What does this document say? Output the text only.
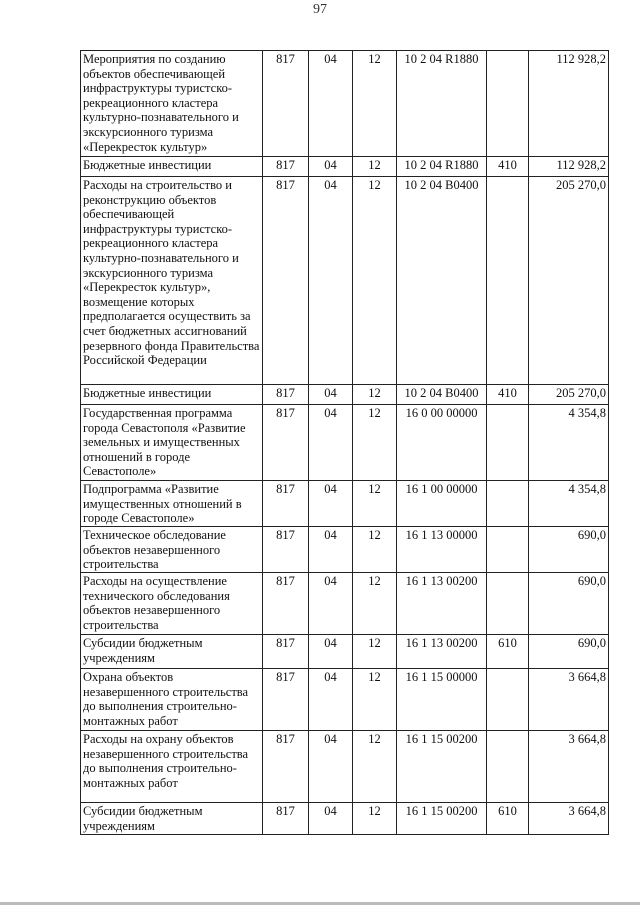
97
Мероприятия по созданию объектов обеспечивающей инфраструктуры туристско-рекреационного кластера культурно-познавательного и экскурсионного туризма «Перекресток культур»	817	04	12	10 2 04 R1880		112 928,2
Бюджетные инвестиции	817	04	12	10 2 04 R1880	410	112 928,2
Расходы на строительство и реконструкцию объектов обеспечивающей инфраструктуры туристско-рекреационного кластера культурно-познавательного и экскурсионного туризма «Перекресток культур», возмещение которых предполагается осуществить за счет бюджетных ассигнований резервного фонда Правительства Российской Федерации	817	04	12	10 2 04 B0400		205 270,0
Бюджетные инвестиции	817	04	12	10 2 04 B0400	410	205 270,0
Государственная программа города Севастополя «Развитие земельных и имущественных отношений в городе Севастополе»	817	04	12	16 0 00 00000		4 354,8
Подпрограмма «Развитие имущественных отношений в городе Севастополе»	817	04	12	16 1 00 00000		4 354,8
Техническое обследование объектов незавершенного строительства	817	04	12	16 1 13 00000		690,0
Расходы на осуществление технического обследования объектов незавершенного строительства	817	04	12	16 1 13 00200		690,0
Субсидии бюджетным учреждениям	817	04	12	16 1 13 00200	610	690,0
Охрана объектов незавершенного строительства до выполнения строительно-монтажных работ	817	04	12	16 1 15 00000		3 664,8
Расходы на охрану объектов незавершенного строительства до выполнения строительно-монтажных работ	817	04	12	16 1 15 00200		3 664,8
Субсидии бюджетным учреждениям	817	04	12	16 1 15 00200	610	3 664,8
